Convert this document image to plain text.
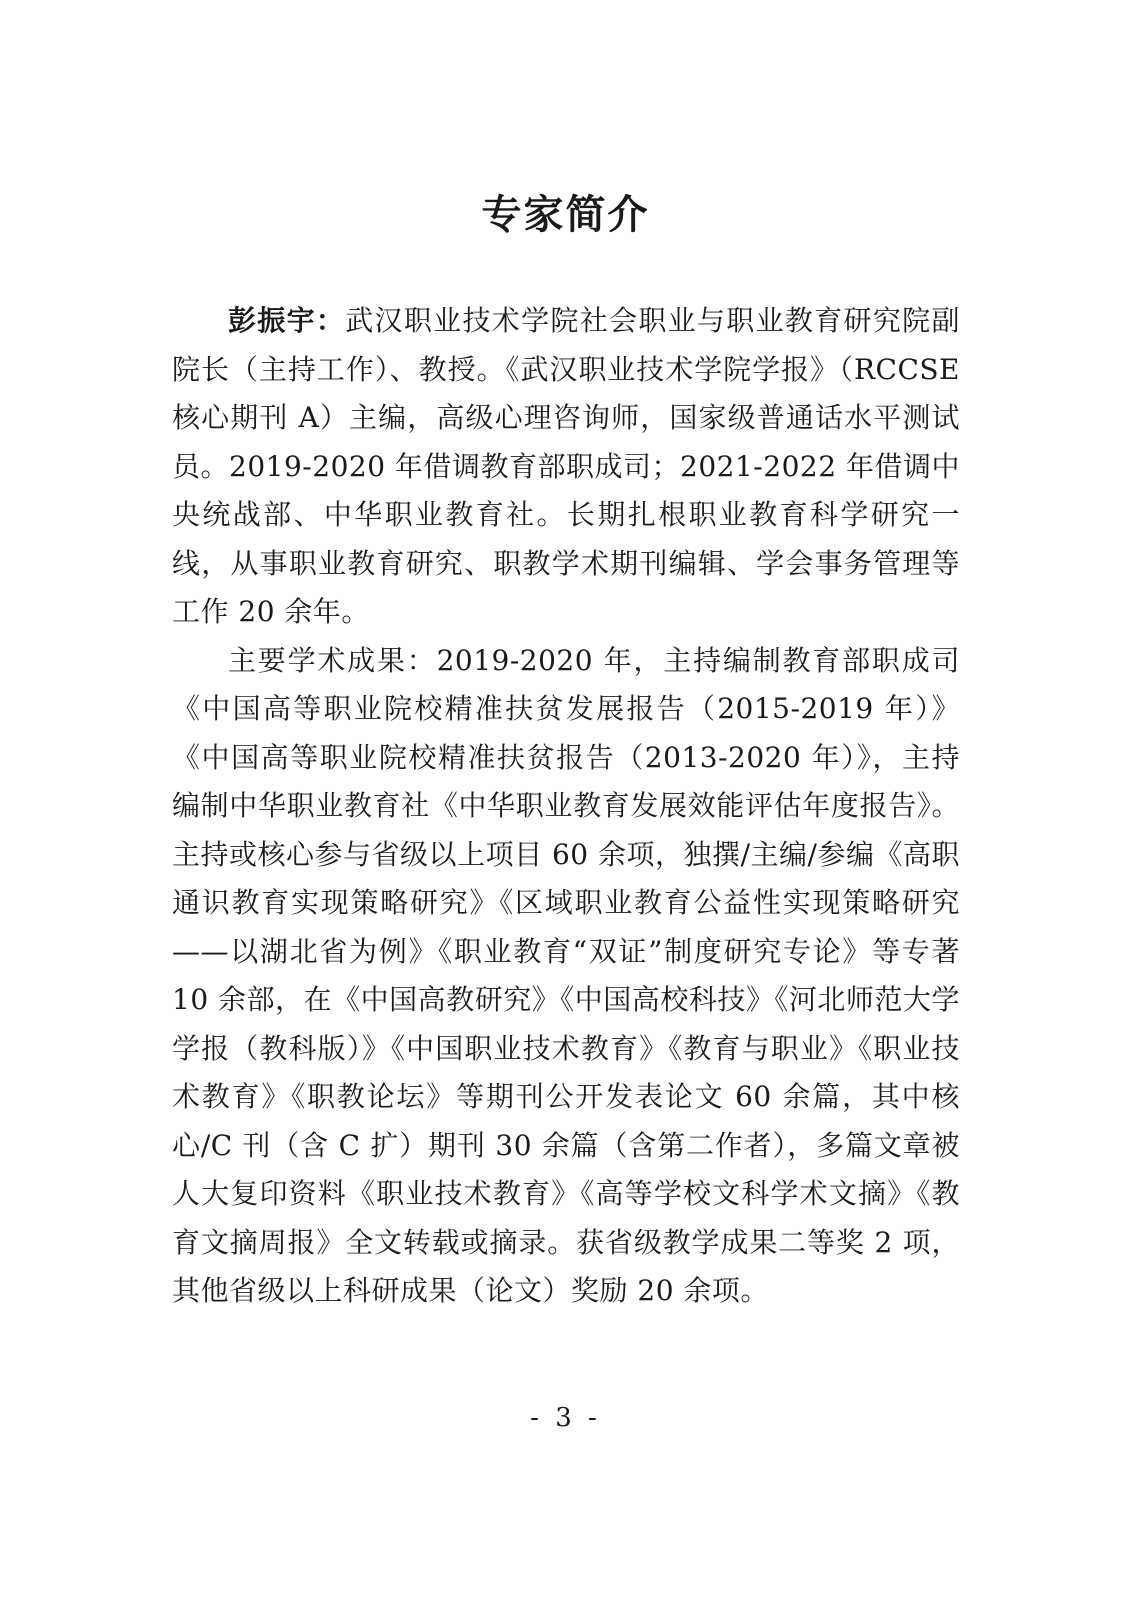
专家简介

彭振宇：武汉职业技术学院社会职业与职业教育研究院副院长（主持工作）、教授。《武汉职业技术学院学报》（RCCSE 核心期刊 A）主编，高级心理咨询师，国家级普通话水平测试员。2019-2020 年借调教育部职成司；2021-2022 年借调中央统战部、中华职业教育社。长期扎根职业教育科学研究一线，从事职业教育研究、职教学术期刊编辑、学会事务管理等工作 20 余年。

主要学术成果：2019-2020 年，主持编制教育部职成司《中国高等职业院校精准扶贫发展报告（2015-2019 年）》《中国高等职业院校精准扶贫报告（2013-2020 年）》，主持编制中华职业教育社《中华职业教育发展效能评估年度报告》。主持或核心参与省级以上项目 60 余项，独撰/主编/参编《高职通识教育实现策略研究》《区域职业教育公益性实现策略研究——以湖北省为例》《职业教育“双证”制度研究专论》等专著 10 余部，在《中国高教研究》《中国高校科技》《河北师范大学学报（教科版）》《中国职业技术教育》《教育与职业》《职业技术教育》《职教论坛》等期刊公开发表论文 60 余篇，其中核心/C 刊（含 C 扩）期刊 30 余篇（含第二作者），多篇文章被人大复印资料《职业技术教育》《高等学校文科学术文摘》《教育文摘周报》全文转载或摘录。获省级教学成果二等奖 2 项，其他省级以上科研成果（论文）奖励 20 余项。

- 3 -
